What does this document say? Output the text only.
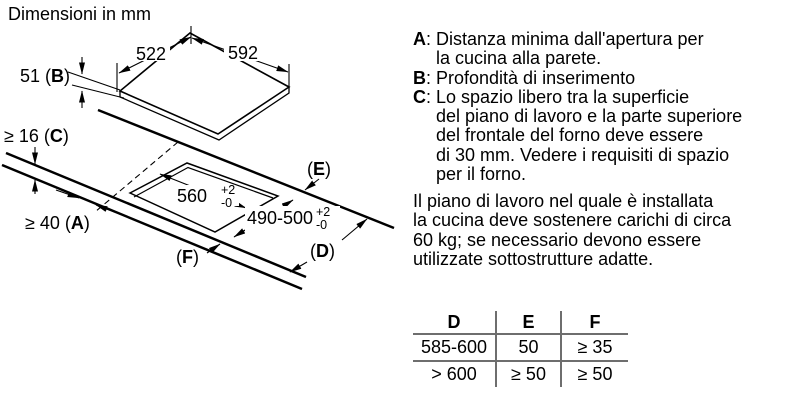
Dimensioni in mm
522	592
51 (B)
≥ 16 (C)
≥ 40 (A)
(E)
(D)
(F)
560 +2
-0
490-500 +2
-0
A: Distanza minima dall'apertura per
la cucina alla parete.
B: Profondità di inserimento
C: Lo spazio libero tra la superficie
del piano di lavoro e la parte superiore
del frontale del forno deve essere
di 30 mm. Vedere i requisiti di spazio
per il forno.
Il piano di lavoro nel quale è installata
la cucina deve sostenere carichi di circa
60 kg; se necessario devono essere
utilizzate sottostrutture adatte.
D	E	F
585-600	50	≥ 35
> 600	≥ 50	≥ 50
